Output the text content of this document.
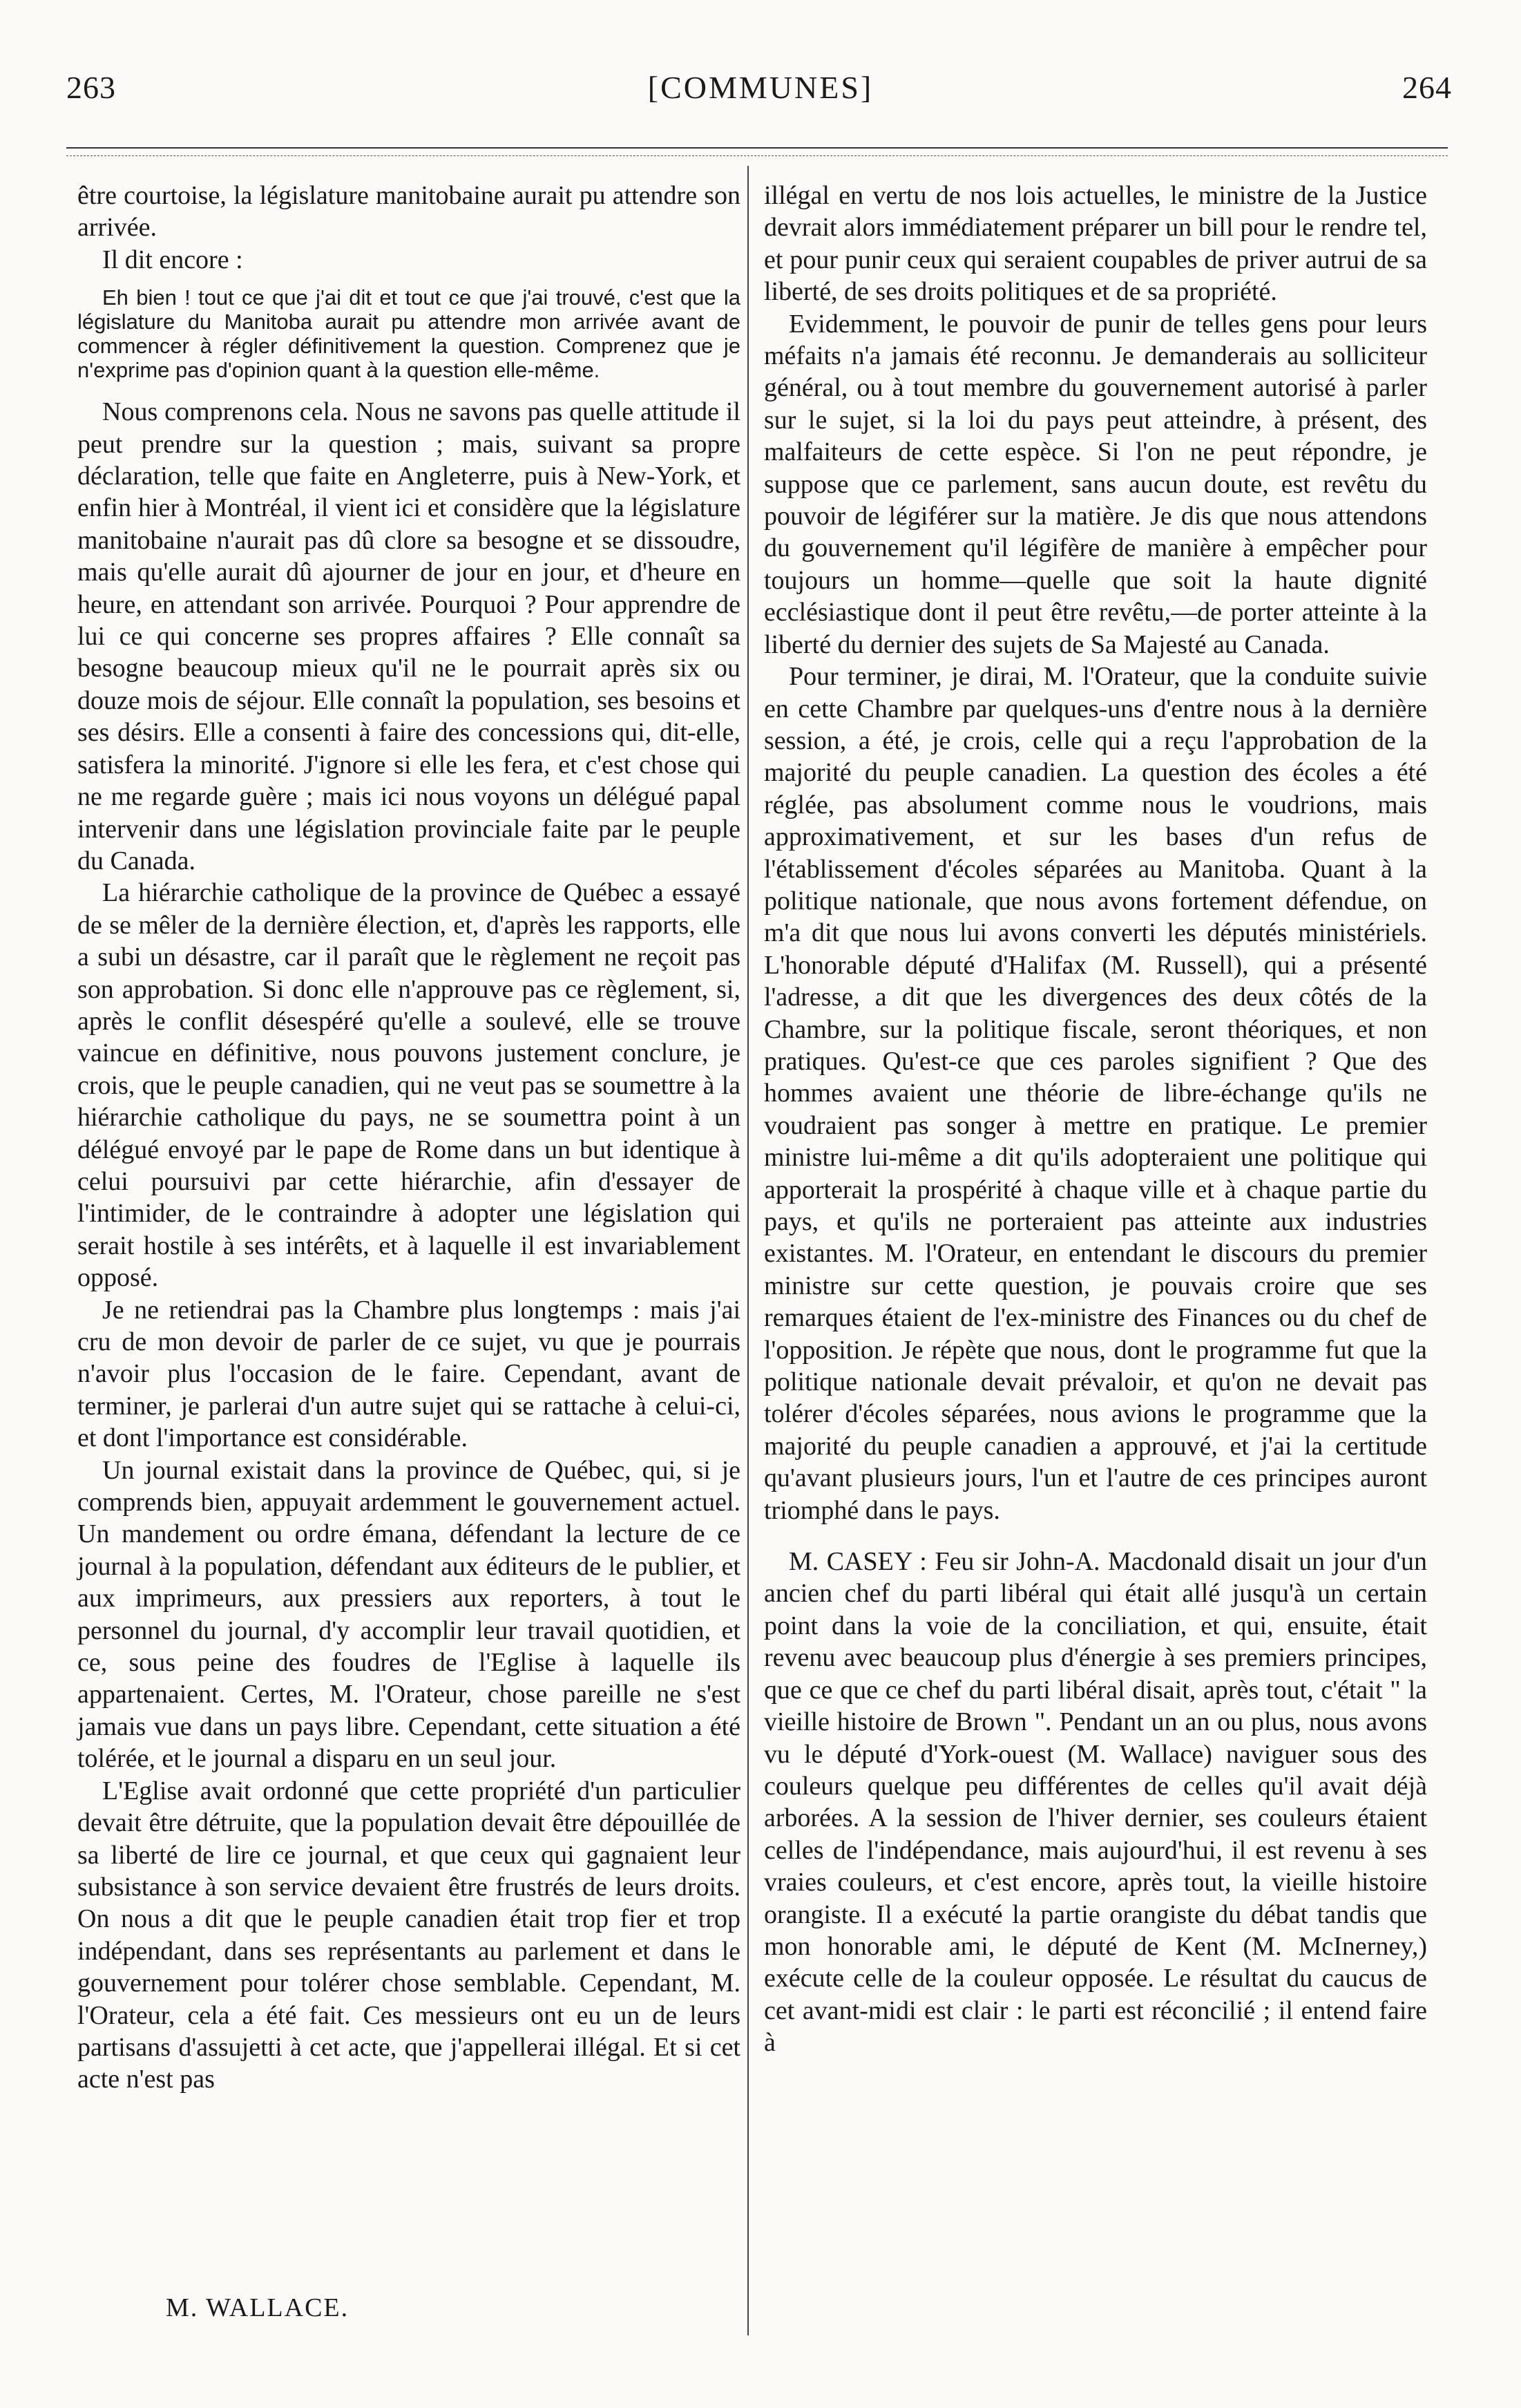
263	[COMMUNES]	264

être courtoise, la législature manitobaine aurait pu attendre son arrivée.

Il dit encore :

Eh bien ! tout ce que j'ai dit et tout ce que j'ai trouvé, c'est que la législature du Manitoba aurait pu attendre mon arrivée avant de commencer à régler définitivement la question. Comprenez que je n'exprime pas d'opinion quant à la question elle-même.

Nous comprenons cela. Nous ne savons pas quelle attitude il peut prendre sur la question ; mais, suivant sa propre déclaration, telle que faite en Angleterre, puis à New-York, et enfin hier à Montréal, il vient ici et considère que la législature manitobaine n'aurait pas dû clore sa besogne et se dissoudre, mais qu'elle aurait dû ajourner de jour en jour, et d'heure en heure, en attendant son arrivée. Pourquoi ? Pour apprendre de lui ce qui concerne ses propres affaires ? Elle connaît sa besogne beaucoup mieux qu'il ne le pourrait après six ou douze mois de séjour. Elle connaît la population, ses besoins et ses désirs. Elle a consenti à faire des concessions qui, dit-elle, satisfera la minorité. J'ignore si elle les fera, et c'est chose qui ne me regarde guère ; mais ici nous voyons un délégué papal intervenir dans une législation provinciale faite par le peuple du Canada.

La hiérarchie catholique de la province de Québec a essayé de se mêler de la dernière élection, et, d'après les rapports, elle a subi un désastre, car il paraît que le règlement ne reçoit pas son approbation. Si donc elle n'approuve pas ce règlement, si, après le conflit désespéré qu'elle a soulevé, elle se trouve vaincue en définitive, nous pouvons justement conclure, je crois, que le peuple canadien, qui ne veut pas se soumettre à la hiérarchie catholique du pays, ne se soumettra point à un délégué envoyé par le pape de Rome dans un but identique à celui poursuivi par cette hiérarchie, afin d'essayer de l'intimider, de le contraindre à adopter une législation qui serait hostile à ses intérêts, et à laquelle il est invariablement opposé.

Je ne retiendrai pas la Chambre plus longtemps : mais j'ai cru de mon devoir de parler de ce sujet, vu que je pourrais n'avoir plus l'occasion de le faire. Cependant, avant de terminer, je parlerai d'un autre sujet qui se rattache à celui-ci, et dont l'importance est considérable.

Un journal existait dans la province de Québec, qui, si je comprends bien, appuyait ardemment le gouvernement actuel. Un mandement ou ordre émana, défendant la lecture de ce journal à la population, défendant aux éditeurs de le publier, et aux imprimeurs, aux pressiers aux reporters, à tout le personnel du journal, d'y accomplir leur travail quotidien, et ce, sous peine des foudres de l'Eglise à laquelle ils appartenaient. Certes, M. l'Orateur, chose pareille ne s'est jamais vue dans un pays libre. Cependant, cette situation a été tolérée, et le journal a disparu en un seul jour.

L'Eglise avait ordonné que cette propriété d'un particulier devait être détruite, que la population devait être dépouillée de sa liberté de lire ce journal, et que ceux qui gagnaient leur subsistance à son service devaient être frustrés de leurs droits. On nous a dit que le peuple canadien était trop fier et trop indépendant, dans ses représentants au parlement et dans le gouvernement pour tolérer chose semblable. Cependant, M. l'Orateur, cela a été fait. Ces messieurs ont eu un de leurs partisans d'assujetti à cet acte, que j'appellerai illégal. Et si cet acte n'est pas

illégal en vertu de nos lois actuelles, le ministre de la Justice devrait alors immédiatement préparer un bill pour le rendre tel, et pour punir ceux qui seraient coupables de priver autrui de sa liberté, de ses droits politiques et de sa propriété.

Evidemment, le pouvoir de punir de telles gens pour leurs méfaits n'a jamais été reconnu. Je demanderais au solliciteur général, ou à tout membre du gouvernement autorisé à parler sur le sujet, si la loi du pays peut atteindre, à présent, des malfaiteurs de cette espèce. Si l'on ne peut répondre, je suppose que ce parlement, sans aucun doute, est revêtu du pouvoir de légiférer sur la matière. Je dis que nous attendons du gouvernement qu'il légifère de manière à empêcher pour toujours un homme—quelle que soit la haute dignité ecclésiastique dont il peut être revêtu,—de porter atteinte à la liberté du dernier des sujets de Sa Majesté au Canada.

Pour terminer, je dirai, M. l'Orateur, que la conduite suivie en cette Chambre par quelques-uns d'entre nous à la dernière session, a été, je crois, celle qui a reçu l'approbation de la majorité du peuple canadien. La question des écoles a été réglée, pas absolument comme nous le voudrions, mais approximativement, et sur les bases d'un refus de l'établissement d'écoles séparées au Manitoba. Quant à la politique nationale, que nous avons fortement défendue, on m'a dit que nous lui avons converti les députés ministériels. L'honorable député d'Halifax (M. Russell), qui a présenté l'adresse, a dit que les divergences des deux côtés de la Chambre, sur la politique fiscale, seront théoriques, et non pratiques. Qu'est-ce que ces paroles signifient ? Que des hommes avaient une théorie de libre-échange qu'ils ne voudraient pas songer à mettre en pratique. Le premier ministre lui-même a dit qu'ils adopteraient une politique qui apporterait la prospérité à chaque ville et à chaque partie du pays, et qu'ils ne porteraient pas atteinte aux industries existantes. M. l'Orateur, en entendant le discours du premier ministre sur cette question, je pouvais croire que ses remarques étaient de l'ex-ministre des Finances ou du chef de l'opposition. Je répète que nous, dont le programme fut que la politique nationale devait prévaloir, et qu'on ne devait pas tolérer d'écoles séparées, nous avions le programme que la majorité du peuple canadien a approuvé, et j'ai la certitude qu'avant plusieurs jours, l'un et l'autre de ces principes auront triomphé dans le pays.

M. CASEY : Feu sir John-A. Macdonald disait un jour d'un ancien chef du parti libéral qui était allé jusqu'à un certain point dans la voie de la conciliation, et qui, ensuite, était revenu avec beaucoup plus d'énergie à ses premiers principes, que ce que ce chef du parti libéral disait, après tout, c'était " la vieille histoire de Brown ". Pendant un an ou plus, nous avons vu le député d'York-ouest (M. Wallace) naviguer sous des couleurs quelque peu différentes de celles qu'il avait déjà arborées. A la session de l'hiver dernier, ses couleurs étaient celles de l'indépendance, mais aujourd'hui, il est revenu à ses vraies couleurs, et c'est encore, après tout, la vieille histoire orangiste. Il a exécuté la partie orangiste du débat tandis que mon honorable ami, le député de Kent (M. McInerney,) exécute celle de la couleur opposée. Le résultat du caucus de cet avant-midi est clair : le parti est réconcilié ; il entend faire à

M. WALLACE.
